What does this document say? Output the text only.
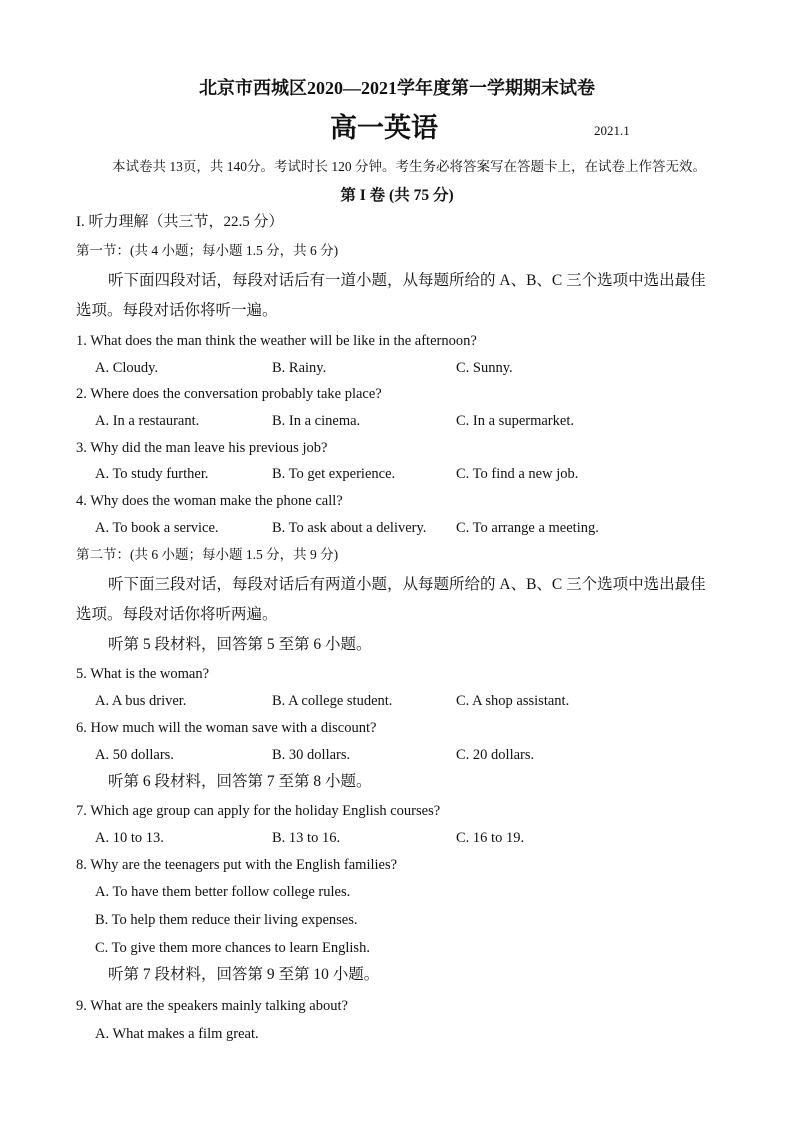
北京市西城区2020—2021学年度第一学期期末试卷
高一英语	2021.1
本试卷共 13页，共 140分。考试时长 120 分钟。考生务必将答案写在答题卡上，在试卷上作答无效。
第 I 卷 (共 75 分)
I. 听力理解（共三节，22.5 分）
第一节：(共 4 小题；每小题 1.5 分，共 6 分)
听下面四段对话，每段对话后有一道小题，从每题所给的 A、B、C 三个选项中选出最佳
选项。每段对话你将听一遍。
1. What does the man think the weather will be like in the afternoon?
A. Cloudy.	B. Rainy.	C. Sunny.
2. Where does the conversation probably take place?
A. In a restaurant.	B. In a cinema.	C. In a supermarket.
3. Why did the man leave his previous job?
A. To study further.	B. To get experience.	C. To find a new job.
4. Why does the woman make the phone call?
A. To book a service.	B. To ask about a delivery. C. To arrange a meeting.
第二节：(共 6 小题；每小题 1.5 分，共 9 分)
听下面三段对话，每段对话后有两道小题，从每题所给的 A、B、C 三个选项中选出最佳
选项。每段对话你将听两遍。
听第 5 段材料，回答第 5 至第 6 小题。
5. What is the woman?
A. A bus driver.	B. A college student.	C. A shop assistant.
6. How much will the woman save with a discount?
A. 50 dollars.	B. 30 dollars.	C. 20 dollars.
听第 6 段材料，回答第 7 至第 8 小题。
7. Which age group can apply for the holiday English courses?
A. 10 to 13.	B. 13 to 16.	C. 16 to 19.
8. Why are the teenagers put with the English families?
A. To have them better follow college rules.
B. To help them reduce their living expenses.
C. To give them more chances to learn English.
听第 7 段材料，回答第 9 至第 10 小题。
9. What are the speakers mainly talking about?
A. What makes a film great.
